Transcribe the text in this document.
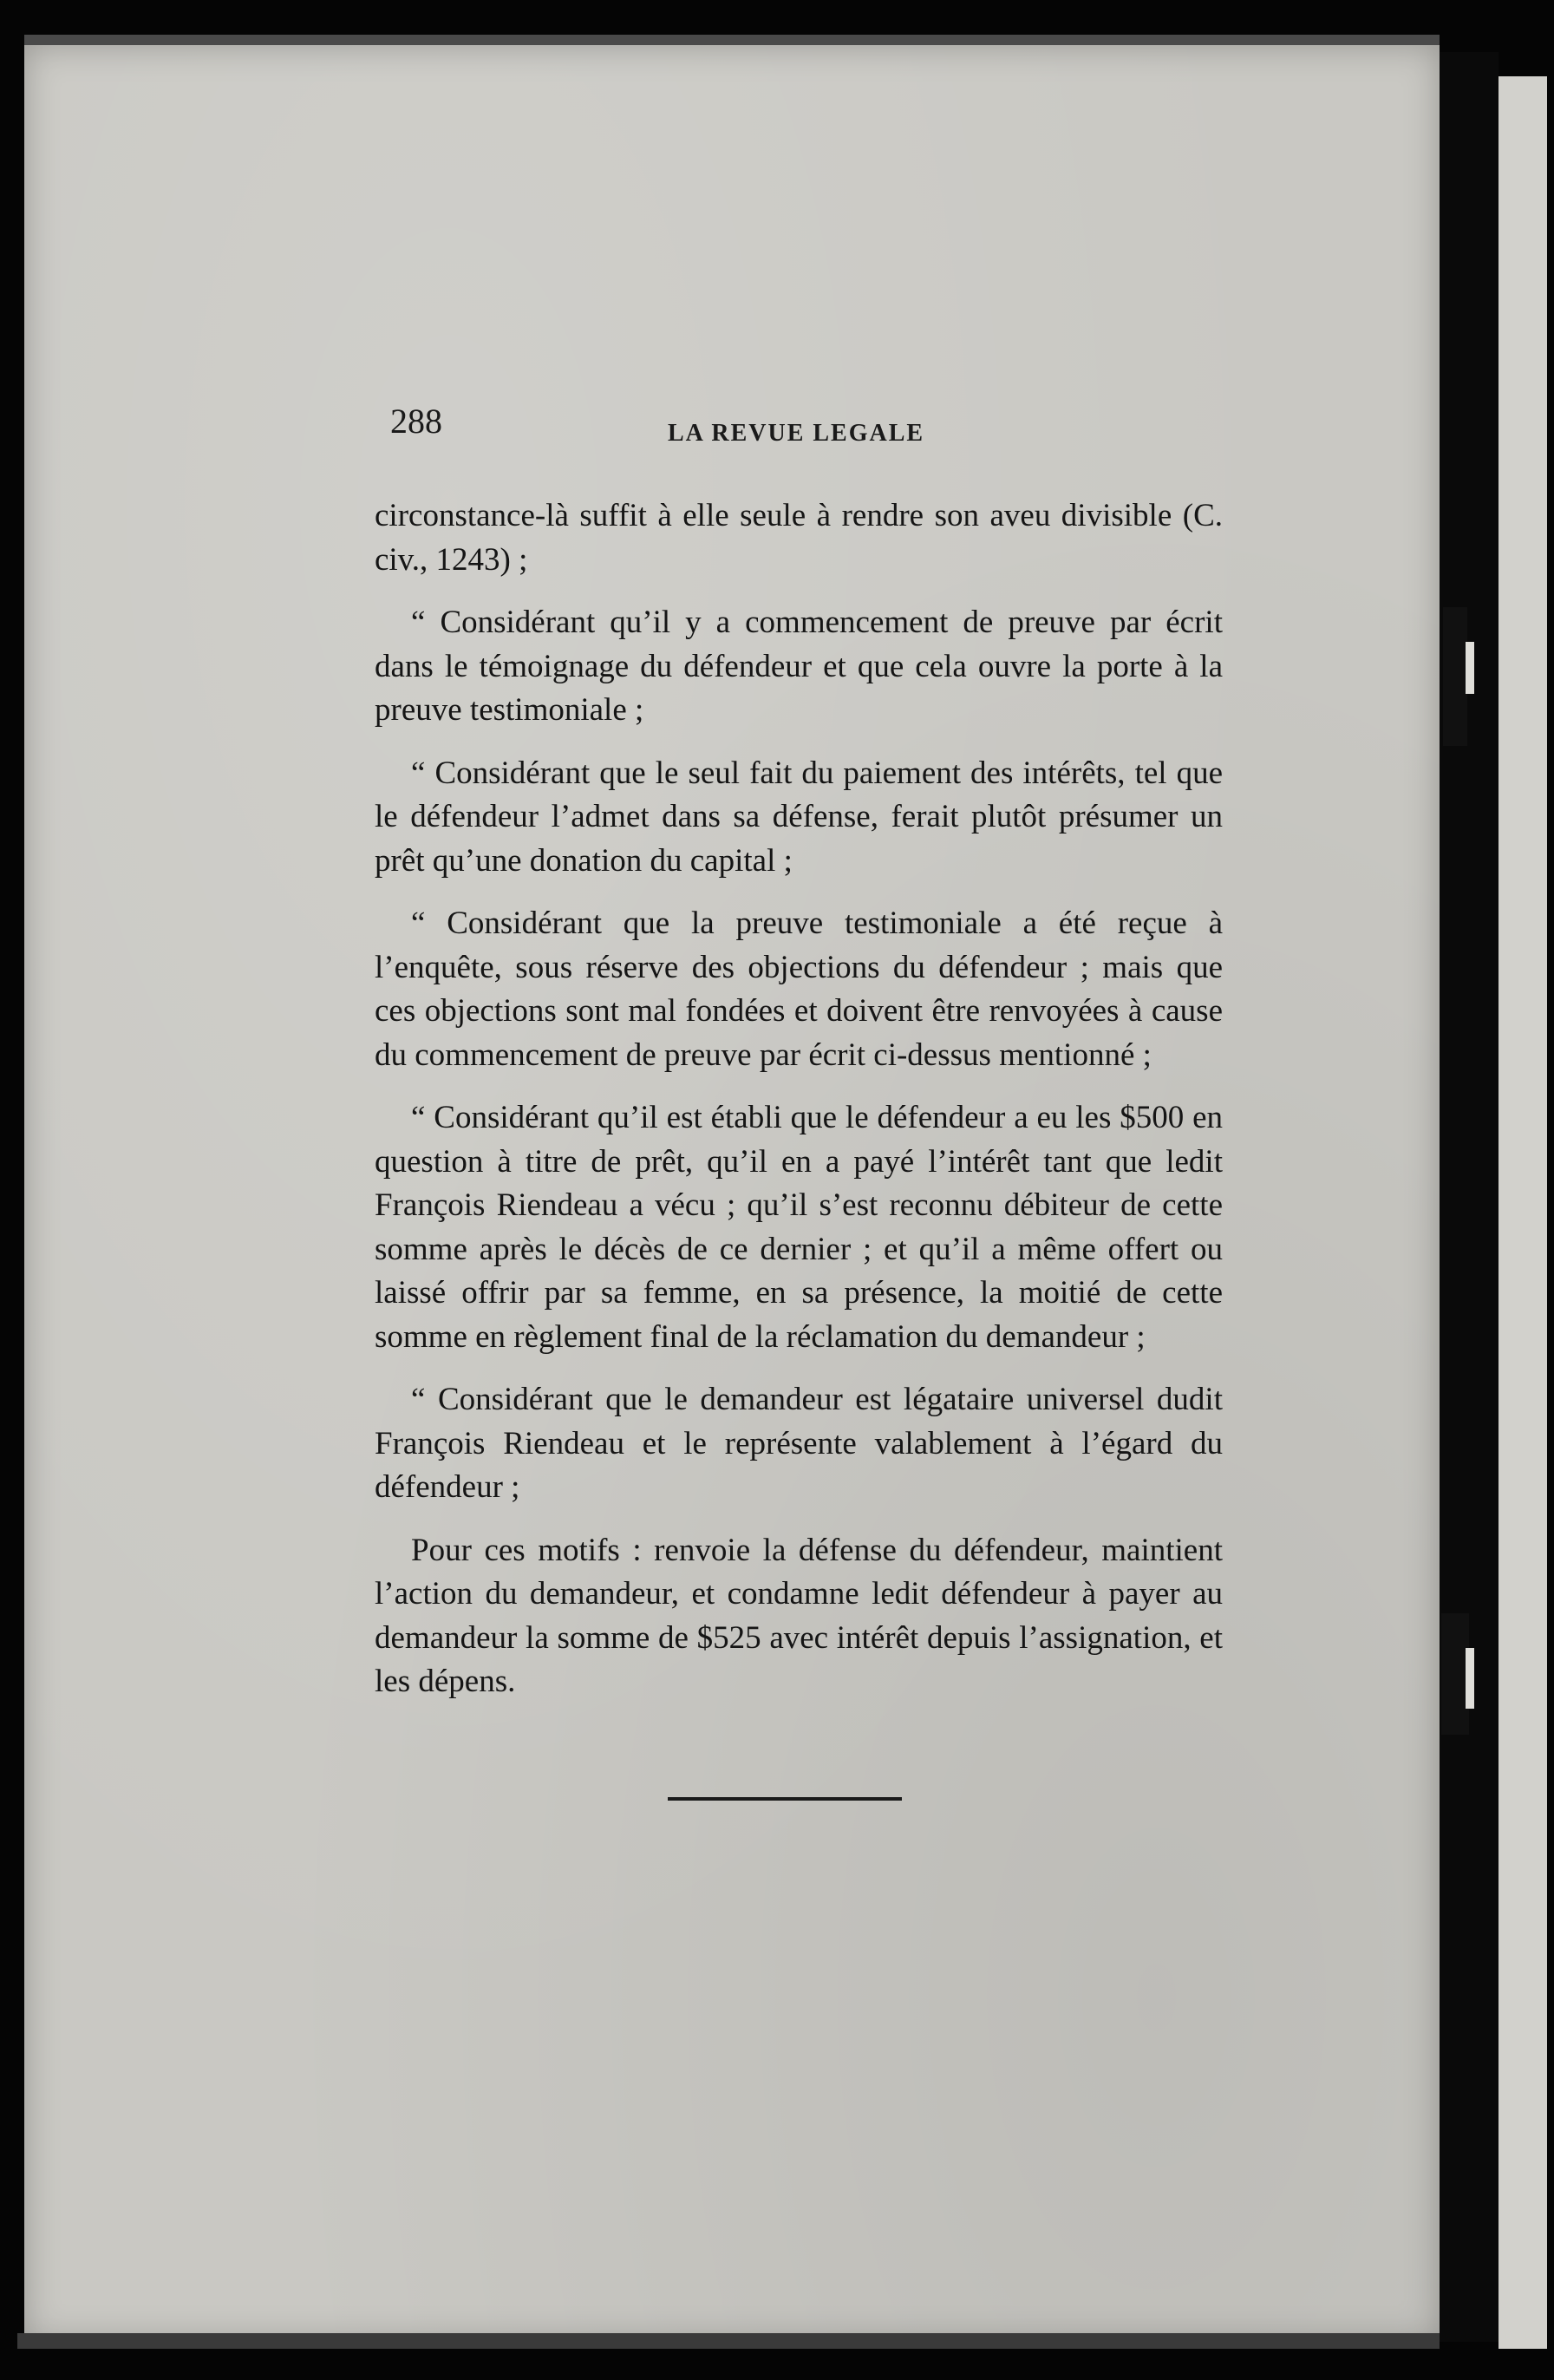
288	LA REVUE LEGALE

circonstance-là suffit à elle seule à rendre son aveu divisible (C. civ., 1243) ;

“ Considérant qu’il y a commencement de preuve par écrit dans le témoignage du défendeur et que cela ouvre la porte à la preuve testimoniale ;

“ Considérant que le seul fait du paiement des intérêts, tel que le défendeur l’admet dans sa défense, ferait plutôt présumer un prêt qu’une donation du capital ;

“ Considérant que la preuve testimoniale a été reçue à l’enquête, sous réserve des objections du défendeur ; mais que ces objections sont mal fondées et doivent être renvoyées à cause du commencement de preuve par écrit ci-dessus mentionné ;

“ Considérant qu’il est établi que le défendeur a eu les $500 en question à titre de prêt, qu’il en a payé l’intérêt tant que ledit François Riendeau a vécu ; qu’il s’est reconnu débiteur de cette somme après le décès de ce dernier ; et qu’il a même offert ou laissé offrir par sa femme, en sa présence, la moitié de cette somme en règlement final de la réclamation du demandeur ;

“ Considérant que le demandeur est légataire universel dudit François Riendeau et le représente valablement à l’égard du défendeur ;

Pour ces motifs : renvoie la défense du défendeur, maintient l’action du demandeur, et condamne ledit défendeur à payer au demandeur la somme de $525 avec intérêt depuis l’assignation, et les dépens.
